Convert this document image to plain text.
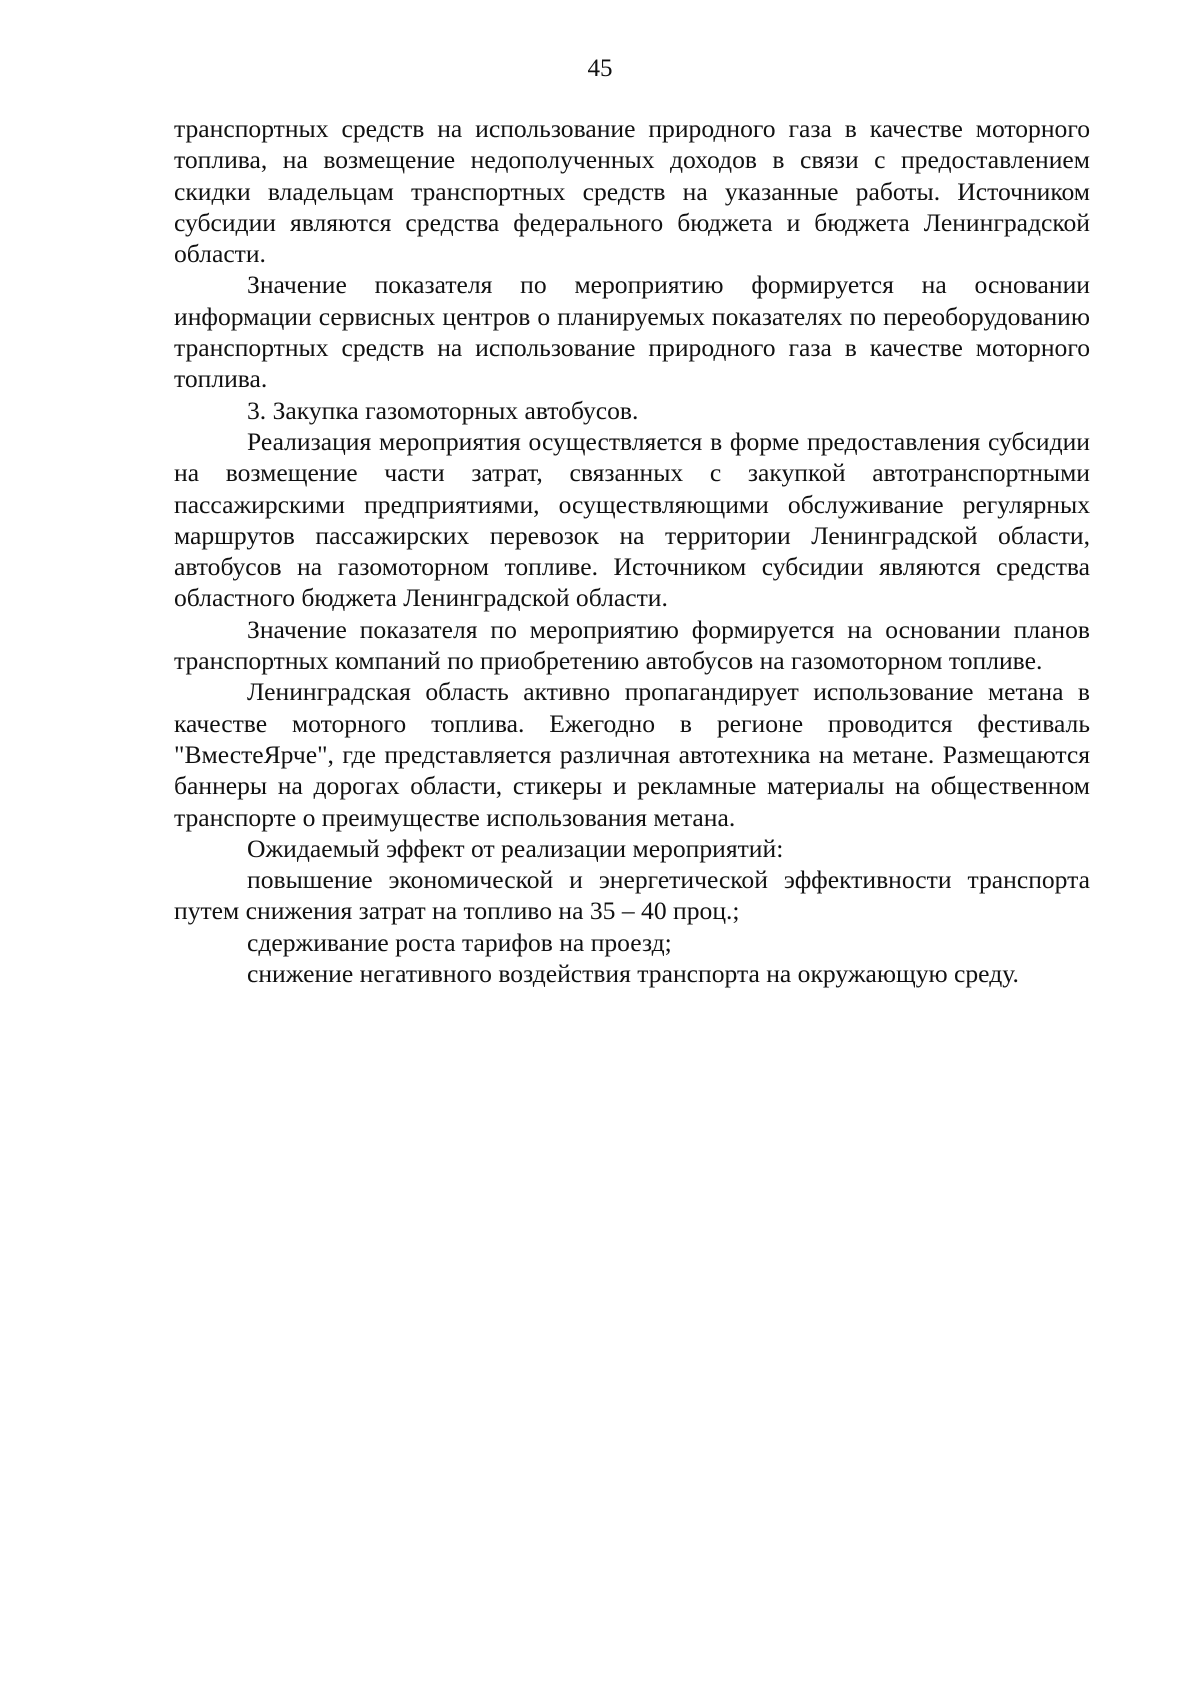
45

транспортных средств на использование природного газа в качестве моторного топлива, на возмещение недополученных доходов в связи с предоставлением скидки владельцам транспортных средств на указанные работы. Источником субсидии являются средства федерального бюджета и бюджета Ленинградской области.

Значение показателя по мероприятию формируется на основании информации сервисных центров о планируемых показателях по переоборудованию транспортных средств на использование природного газа в качестве моторного топлива.

3. Закупка газомоторных автобусов.

Реализация мероприятия осуществляется в форме предоставления субсидии на возмещение части затрат, связанных с закупкой автотранспортными пассажирскими предприятиями, осуществляющими обслуживание регулярных маршрутов пассажирских перевозок на территории Ленинградской области, автобусов на газомоторном топливе. Источником субсидии являются средства областного бюджета Ленинградской области.

Значение показателя по мероприятию формируется на основании планов транспортных компаний по приобретению автобусов на газомоторном топливе.

Ленинградская область активно пропагандирует использование метана в качестве моторного топлива. Ежегодно в регионе проводится фестиваль "ВместеЯрче", где представляется различная автотехника на метане. Размещаются баннеры на дорогах области, стикеры и рекламные материалы на общественном транспорте о преимуществе использования метана.

Ожидаемый эффект от реализации мероприятий:

повышение экономической и энергетической эффективности транспорта путем снижения затрат на топливо на 35 – 40 проц.;

сдерживание роста тарифов на проезд;

снижение негативного воздействия транспорта на окружающую среду.
